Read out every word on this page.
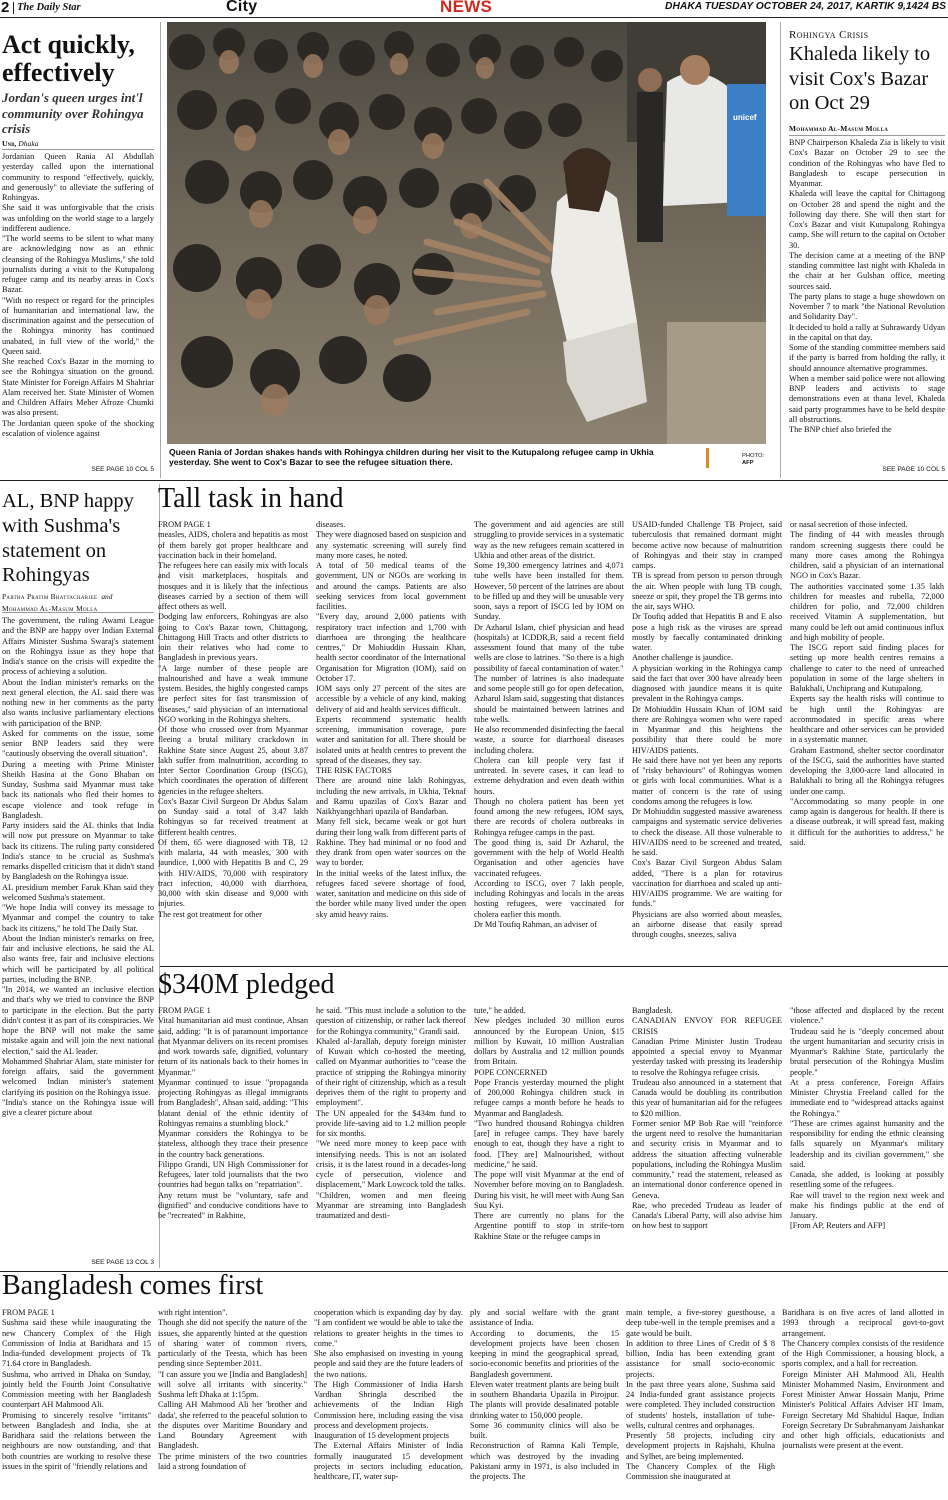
2 The Daily Star	City	NEWS	DHAKA TUESDAY OCTOBER 24, 2017, KARTIK 9,1424 BS
Act quickly, effectively
Jordan's queen urges int'l community over Rohingya crisis
Unb, Dhaka
Jordanian Queen Rania Al Abdullah yesterday called upon the international community to respond "effectively, quickly, and generously" to alleviate the suffering of Rohingyas.
She said it was unforgivable that the crisis was unfolding on the world stage to a largely indifferent audience.
"The world seems to be silent to what many are acknowledging now as an ethnic cleansing of the Rohingya Muslims," she told journalists during a visit to the Kutupalong refugee camp and its nearby areas in Cox's Bazar.
"With no respect or regard for the principles of humanitarian and international law, the discrimination against and the persecution of the Rohingya minority has continued unabated, in full view of the world," the Queen said.
She reached Cox's Bazar in the morning to see the Rohingya situation on the ground. State Minister for Foreign Affairs M Shahriar Alam received her. State Minister of Women and Children Affairs Meher Afroze Chumki was also present.
The Jordanian queen spoke of the shocking escalation of violence against
SEE PAGE 10 COL 5
unicef
Queen Rania of Jordan shakes hands with Rohingya children during her visit to the Kutupalong refugee camp in Ukhia yesterday. She went to Cox's Bazar to see the refugee situation there.
PHOTO:
AFP
Rohingya Crisis
Khaleda likely to visit Cox's Bazar on Oct 29
Mohammad Al-Masum Molla
BNP Chairperson Khaleda Zia is likely to visit Cox's Bazar on October 29 to see the condition of the Rohingyas who have fled to Bangladesh to escape persecution in Myanmar.
Khaleda will leave the capital for Chittagong on October 28 and spend the night and the following day there. She will then start for Cox's Bazar and visit Kutupalong Rohingya camp. She will return to the capital on October 30.
The decision came at a meeting of the BNP standing committee last night with Khaleda in the chair at her Gulshan office, meeting sources said.
The party plans to stage a huge showdown on November 7 to mark "the National Revolution and Solidarity Day".
It decided to hold a rally at Suhrawardy Udyan in the capital on that day.
Some of the standing committee members said if the party is barred from holding the rally, it should announce alternative programmes.
When a member said police were not allowing BNP leaders and activists to stage demonstrations even at thana level, Khaleda said party programmes have to be held despite all obstructions.
The BNP chief also briefed the
SEE PAGE 10 COL 5
AL, BNP happy with Sushma's statement on Rohingyas
Partha Pratim Bhattacharjee and
Mohammad Al-Masum Molla
The government, the ruling Awami League and the BNP are happy over Indian External Affairs Minister Sushma Swaraj's statement on the Rohingya issue as they hope that India's stance on the crisis will expedite the process of achieving a solution.
About the Indian minister's remarks on the next general election, the AL said there was nothing new in her comments as the party also wants inclusive parliamentary elections with participation of the BNP.
Asked for comments on the issue, some senior BNP leaders said they were "cautiously observing the overall situation".
During a meeting with Prime Minister Sheikh Hasina at the Gono Bhaban on Sunday, Sushma said Myanmar must take back its nationals who fled their homes to escape violence and took refuge in Bangladesh.
Party insiders said the AL thinks that India will now put pressure on Myanmar to take back its citizens. The ruling party considered India's stance to be crucial as Sushma's remarks dispelled criticism that it didn't stand by Bangladesh on the Rohingya issue.
AL presidium member Faruk Khan said they welcomed Sushma's statement.
"We hope India will convey its message to Myanmar and compel the country to take back its citizens," he told The Daily Star.
About the Indian minister's remarks on free, fair and inclusive elections, he said the AL also wants free, fair and inclusive elections which will be participated by all political parties, including the BNP.
"In 2014, we wanted an inclusive election and that's why we tried to convince the BNP to participate in the election. But the party didn't contest it as part of its conspiracies. We hope the BNP will not make the same mistake again and will join the next national election," said the AL leader.
Mohammed Shahriar Alam, state minister for foreign affairs, said the government welcomed Indian minister's statement clarifying its position on the Rohingya issue.
"India's stance on the Rohingya issue will give a clearer picture about
SEE PAGE 13 COL 3
Tall task in hand
FROM PAGE 1
measles, AIDS, cholera and hepatitis as most of them barely got proper healthcare and vaccination back in their homeland.
The refugees here can easily mix with locals and visit marketplaces, hospitals and mosques and it is likely that the infectious diseases carried by a section of them will affect others as well.
Dodging law enforcers, Rohingyas are also going to Cox's Bazar town, Chittagong, Chittagong Hill Tracts and other districts to join their relatives who had come to Bangladesh in previous years.
"A large number of these people are malnourished and have a weak immune system. Besides, the highly congested camps are perfect sites for fast transmission of diseases," said physician of an international NGO working in the Rohingya shelters.
Of those who crossed over from Myanmar fleeing a brutal military crackdown in Rakhine State since August 25, about 3.87 lakh suffer from malnutrition, according to Inter Sector Coordination Group (ISCG), which coordinates the operation of different agencies in the refugee shelters.
Cox's Bazar Civil Surgeon Dr Abdus Salam on Sunday said a total of 3.47 lakh Rohingyas so far received treatment at different health centres.
Of them, 65 were diagnosed with TB, 12 with malaria, 44 with measles, 300 with jaundice, 1,000 with Hepatitis B and C, 29 with HIV/AIDS, 70,000 with respiratory tract infection, 40,000 with diarrhoea, 30,000 with skin disease and 9,000 with injuries.
The rest got treatment for other
diseases.
They were diagnosed based on suspicion and any systematic screening will surely find many more cases, he noted.
A total of 50 medical teams of the government, UN or NGOs are working in and around the camps. Patients are also seeking services from local government facilities.
"Every day, around 2,000 patients with respiratory tract infection and 1,700 with diarrhoea are thronging the healthcare centres," Dr Mohiuddin Hussain Khan, health sector coordinator of the International Organisation for Migration (IOM), said on October 17.
IOM says only 27 percent of the sites are accessible by a vehicle of any kind, making delivery of aid and health services difficult.
Experts recommend systematic health screening, immunisation coverage, pure water and sanitation for all. There should be isolated units at health centres to prevent the spread of the diseases, they say.
THE RISK FACTORS
There are around nine lakh Rohingyas, including the new arrivals, in Ukhia, Teknaf and Ramu upazilas of Cox's Bazar and Naikhyangchhari upazila of Bandarban.
Many fell sick, became weak or got hurt during their long walk from different parts of Rakhine. They had minimal or no food and they drank from open water sources on the way to border.
In the initial weeks of the latest influx, the refugees faced severe shortage of food, water, sanitation and medicine on this side of the border while many lived under the open sky amid heavy rains.
The government and aid agencies are still struggling to provide services in a systematic way as the new refugees remain scattered in Ukhia and other areas of the district.
Some 19,300 emergency latrines and 4,071 tube wells have been installed for them. However, 50 percent of the latrines are about to be filled up and they will be unusable very soon, says a report of ISCG led by IOM on Sunday.
Dr Azharul Islam, chief physician and head (hospitals) at ICDDR,B, said a recent field assessment found that many of the tube wells are close to latrines. "So there is a high possibility of faecal contamination of water."
The number of latrines is also inadequate and some people still go for open defecation, Azharul Islam said, suggesting that distances should be maintained between latrines and tube wells.
He also recommended disinfecting the faecal waste, a source for diarrhoeal diseases including cholera.
Cholera can kill people very fast if untreated. In severe cases, it can lead to extreme dehydration and even death within hours.
Though no cholera patient has been yet found among the new refugees, IOM says, there are records of cholera outbreaks in Rohingya refugee camps in the past.
The good thing is, said Dr Azharul, the government with the help of World Health Organisation and other agencies have vaccinated refugees.
According to ISCG, over 7 lakh people, including Rohingyas and locals in the areas hosting refugees, were vaccinated for cholera earlier this month.
Dr Md Toufiq Rahman, an adviser of
USAID-funded Challenge TB Project, said tuberculosis that remained dormant might become active now because of malnutrition of Rohingyas and their stay in cramped camps.
TB is spread from person to person through the air. When people with lung TB cough, sneeze or spit, they propel the TB germs into the air, says WHO.
Dr Toufiq added that Hepatitis B and E also pose a high risk as the viruses are spread mostly by faecally contaminated drinking water.
Another challenge is jaundice.
A physician working in the Rohingya camp said the fact that over 300 have already been diagnosed with jaundice means it is quite prevalent in the Rohingya camps.
Dr Mohiuddin Hussain Khan of IOM said there are Rohingya women who were raped in Myanmar and this heightens the possibility that there could be more HIV/AIDS patients.
He said there have not yet been any reports of "risky behaviours" of Rohingyas women or girls with local communities. What is a matter of concern is the rate of using condoms among the refugees is low.
Dr Mohiuddin suggested massive awareness campaigns and systematic service deliveries to check the disease. All those vulnerable to HIV/AIDS need to be screened and treated, he said.
Cox's Bazar Civil Surgeon Abdus Salam added, "There is a plan for rotavirus vaccination for diarrhoea and scaled up anti-HIV/AIDS programme. We are waiting for funds."
Physicians are also worried about measles, an airborne disease that easily spread through coughs, sneezes, saliva
or nasal secretion of those infected.
The finding of 44 with measles through random screening suggests there could be many more cases among the Rohingya children, said a physician of an international NGO in Cox's Bazar.
The authorities vaccinated some 1.35 lakh children for measles and rubella, 72,000 children for polio, and 72,000 children received Vitamin A supplementation, but many could be left out amid continuous influx and high mobility of people.
The ISCG report said finding places for setting up more health centres remains a challenge to cater to the need of unreached population in some of the large shelters in Balukhali, Unchiprang and Kutupalong.
Experts say the health risks will continue to be high until the Rohingyas are accommodated in specific areas where healthcare and other services can be provided in a systematic manner.
Graham Eastmond, shelter sector coordinator of the ISCG, said the authorities have started developing the 3,000-acre land allocated in Balukhali to bring all the Rohingya refugees under one camp.
"Accommodating so many people in one camp again is dangerous for health. If there is a disease outbreak, it will spread fast, making it difficult for the authorities to address," he said.
$340M pledged
FROM PAGE 1
Vital humanitarian aid must continue, Ahsan said, adding: "It is of paramount importance that Myanmar delivers on its recent promises and work towards safe, dignified, voluntary return of its nationals back to their homes in Myanmar."
Myanmar continued to issue "propaganda projecting Rohingyas as illegal immigrants from Bangladesh", Ahsan said, adding: "This blatant denial of the ethnic identity of Rohingyas remains a stumbling block."
Myanmar considers the Rohingya to be stateless, although they trace their presence in the country back generations.
Filippo Grandi, UN High Commissioner for Refugees, later told journalists that the two countries had begun talks on "repatriation".
Any return must be "voluntary, safe and dignified" and conducive conditions have to be "recreated" in Rakhine,
he said. "This must include a solution to the question of citizenship, or rather lack thereof for the Rohingya community," Grandi said.
Khaled al-Jarallah, deputy foreign minister of Kuwait which co-hosted the meeting, called on Myanmar authorities to "cease the practice of stripping the Rohingya minority of their right of citizenship, which as a result deprives them of the right to property and employment".
The UN appealed for the $434m fund to provide life-saving aid to 1.2 million people for six months.
"We need more money to keep pace with intensifying needs. This is not an isolated crisis, it is the latest round in a decades-long cycle of persecution, violence and displacement," Mark Lowcock told the talks.
"Children, women and men fleeing Myanmar are streaming into Bangladesh traumatized and desti-
tute," he added.
New pledges included 30 million euros announced by the European Union, $15 million by Kuwait, 10 million Australian dollars by Australia and 12 million pounds from Britain.
POPE CONCERNED
Pope Francis yesterday mourned the plight of 200,000 Rohingya children stuck in refugee camps a month before he heads to Myanmar and Bangladesh.
"Two hundred thousand Rohingya children [are] in refugee camps. They have barely enough to eat, though they have a right to food. [They are] Malnourished, without medicine," he said.
The pope will visit Myanmar at the end of November before moving on to Bangladesh. During his visit, he will meet with Aung San Suu Kyi.
There are currently no plans for the Argentine pontiff to stop in strife-torn Rakhine State or the refugee camps in
Bangladesh.
CANADIAN ENVOY FOR REFUGEE CRISIS
Canadian Prime Minister Justin Trudeau appointed a special envoy to Myanmar yesterday tasked with pressing its leadership to resolve the Rohingya refugee crisis.
Trudeau also announced in a statement that Canada would be doubling its contribution this year of humanitarian aid for the refugees to $20 million.
Former senior MP Bob Rae will "reinforce the urgent need to resolve the humanitarian and security crisis in Myanmar and to address the situation affecting vulnerable populations, including the Rohingya Muslim community," read the statement, released as an international donor conference opened in Geneva.
Rae, who preceded Trudeau as leader of Canada's Liberal Party, will also advise him on how best to support
"those affected and displaced by the recent violence."
Trudeau said he is "deeply concerned about the urgent humanitarian and security crisis in Myanmar's Rakhine State, particularly the brutal persecution of the Rohingya Muslim people."
At a press conference, Foreign Affairs Minister Chrystia Freeland called for the immediate end to "widespread attacks against the Rohingya."
"These are crimes against humanity and the responsibility for ending the ethnic cleansing falls squarely on Myanmar's military leadership and its civilian government," she said.
Canada, she added, is looking at possibly resettling some of the refugees.
Rae will travel to the region next week and make his findings public at the end of January.
[From AP, Reuters and AFP]
Bangladesh comes first
FROM PAGE 1
Sushma said these while inaugurating the new Chancery Complex of the High Commission of India at Baridhara and 15 India-funded development projects of Tk 71.64 crore in Bangladesh.
Sushma, who arrived in Dhaka on Sunday, jointly held the Fourth Joint Consultative Commission meeting with her Bangladesh counterpart AH Mahmood Ali.
Promising to sincerely resolve "irritants" between Bangladesh and India, she at Baridhara said the relations between the neighbours are now outstanding, and that both countries are working to resolve these issues in the spirit of "friendly relations and
with right intention".
Though she did not specify the nature of the issues, she apparently hinted at the question of sharing water of common rivers, particularly of the Teesta, which has been pending since September 2011.
"I can assure you we [India and Bangladesh] will solve all irritants with sincerity." Sushma left Dhaka at 1:15pm.
Calling AH Mahmood Ali her 'brother and dada', she referred to the peaceful solution to the disputes over Maritime Boundary and Land Boundary Agreement with Bangladesh.
The prime ministers of the two countries laid a strong foundation of
cooperation which is expanding day by day. "I am confident we would be able to take the relations to greater heights in the times to come."
She also emphasised on investing in young people and said they are the future leaders of the two nations.
The High Commissioner of India Harsh Vardhan Shringla described the achievements of the Indian High Commission here, including easing the visa process and development projects.
Inauguration of 15 development projects
The External Affairs Minister of India formally inaugurated 15 development projects in sectors including education, healthcare, IT, water sup-
ply and social welfare with the grant assistance of India.
According to documents, the 15 development projects have been chosen keeping in mind the geographical spread, socio-economic benefits and priorities of the Bangladesh government.
Eleven water treatment plants are being built in southern Bhandaria Upazila in Pirojpur. The plants will provide desalinated potable drinking water to 150,000 people.
Some 36 community clinics will also be built.
Reconstruction of Ramna Kali Temple, which was destroyed by the invading Pakistani army in 1971, is also included in the projects. The
main temple, a five-storey guesthouse, a deep tube-well in the temple premises and a gate would be built.
In addition to three Lines of Credit of $ 8 billion, India has been extending grant assistance for small socio-economic projects.
In the past three years alone, Sushma said 24 India-funded grant assistance projects were completed. They included construction of students' hostels, installation of tube-wells, cultural centres and orphanages.
Presently 58 projects, including city development projects in Rajshahi, Khulna and Sylhet, are being implemented.
The Chancery Complex of the High Commission she inaugurated at
Baridhara is on five acres of land allotted in 1993 through a reciprocal govt-to-govt arrangement.
The Chancery complex consists of the residence of the High Commissioner, a housing block, a sports complex, and a hall for recreation.
Foreign Minister AH Mahmood Ali, Health Minister Mohammed Nasim, Environment and Forest Minister Anwar Hossain Manju, Prime Minister's Political Affairs Adviser HT Imam, Foreign Secretary Md Shahidul Haque, Indian Foreign Secretary Dr Subrahmanyam Jaishankar and other high officials, educationists and journalists were present at the event.
